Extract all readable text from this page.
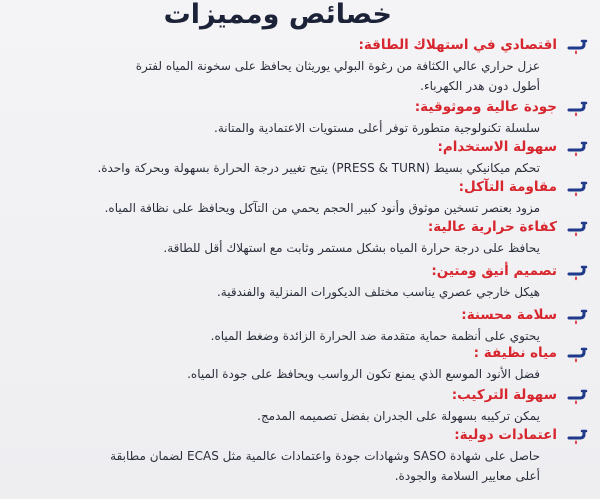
خصائص ومميزات
اقتصادي في استهلاك الطاقة:
عزل حراري عالي الكثافة من رغوة البولي يوريثان يحافظ على سخونة المياه لفترة
أطول دون هدر الكهرباء.
جودة عالية وموثوقية:
سلسلة تكنولوجية متطورة توفر أعلى مستويات الاعتمادية والمتانة.
سهولة الاستخدام:
تحكم ميكانيكي بسيط (PRESS & TURN) يتيح تغيير درجة الحرارة بسهولة وبحركة واحدة.
مقاومة التآكل:
مزود بعنصر تسخين موثوق وأنود كبير الحجم يحمي من التآكل ويحافظ على نظافة المياه.
كفاءة حرارية عالية:
يحافظ على درجة حرارة المياه بشكل مستمر وثابت مع استهلاك أقل للطاقة.
تصميم أنيق ومتين:
هيكل خارجي عصري يناسب مختلف الديكورات المنزلية والفندقية.
سلامة محسنة:
يحتوي على أنظمة حماية متقدمة ضد الحرارة الزائدة وضغط المياه.
مياه نظيفة :
فضل الأنود الموسع الذي يمنع تكون الرواسب ويحافظ على جودة المياه.
سهولة التركيب:
يمكن تركيبه بسهولة على الجدران بفضل تصميمه المدمج.
اعتمادات دولية:
حاصل على شهادة SASO وشهادات جودة واعتمادات عالمية مثل ECAS لضمان مطابقة
أعلى معايير السلامة والجودة.
